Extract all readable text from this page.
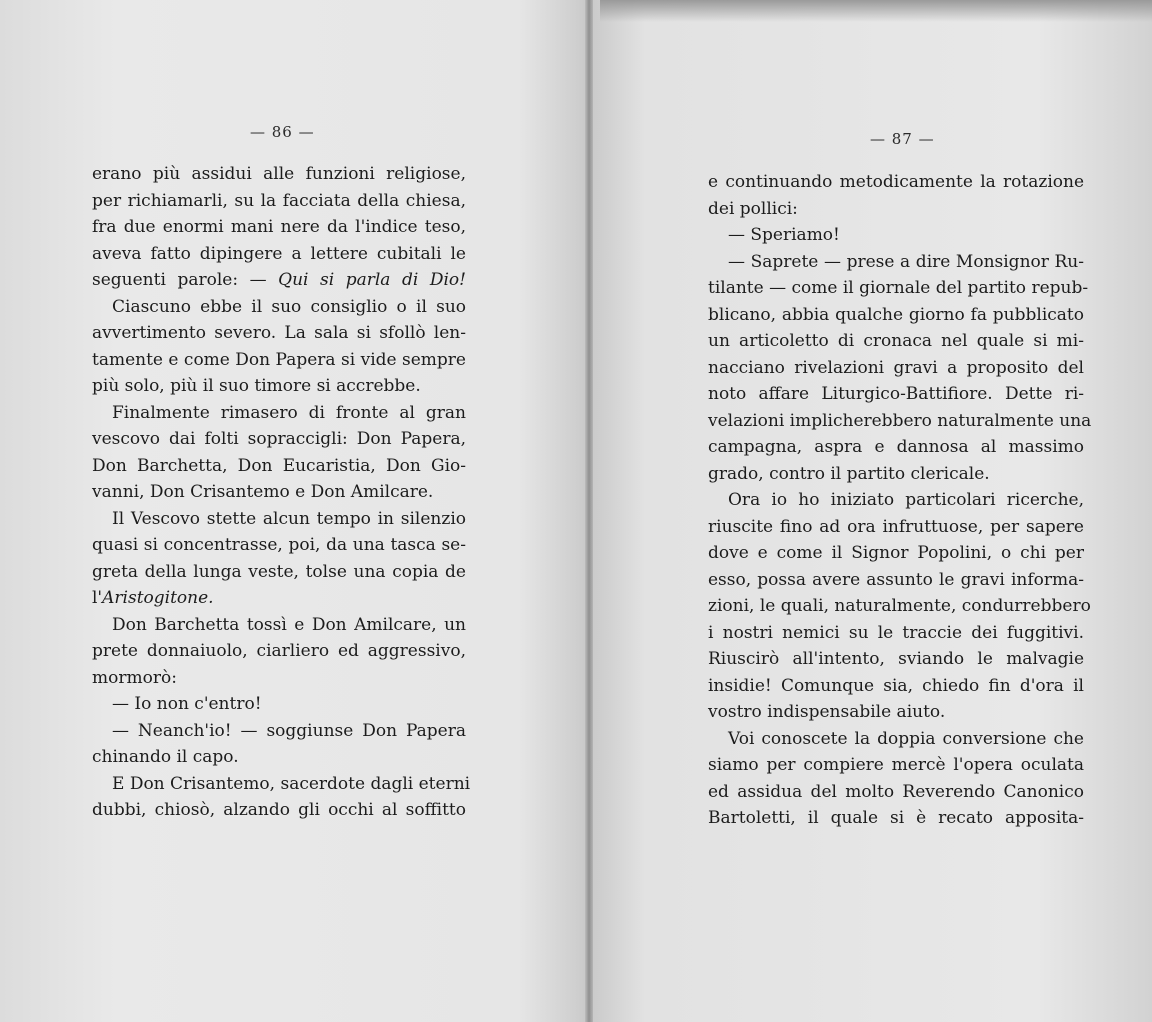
— 86 —
erano più assidui alle funzioni religiose,
per richiamarli, su la facciata della chiesa,
fra due enormi mani nere da l'indice teso,
aveva fatto dipingere a lettere cubitali le
seguenti parole: — Qui si parla di Dio!
Ciascuno ebbe il suo consiglio o il suo
avvertimento severo. La sala si sfollò len-
tamente e come Don Papera si vide sempre
più solo, più il suo timore si accrebbe.
Finalmente rimasero di fronte al gran
vescovo dai folti sopraccigli: Don Papera,
Don Barchetta, Don Eucaristia, Don Gio-
vanni, Don Crisantemo e Don Amilcare.
Il Vescovo stette alcun tempo in silenzio
quasi si concentrasse, poi, da una tasca se-
greta della lunga veste, tolse una copia de
l'Aristogitone.
Don Barchetta tossì e Don Amilcare, un
prete donnaiuolo, ciarliero ed aggressivo,
mormorò:
— Io non c'entro!
— Neanch'io! — soggiunse Don Papera
chinando il capo.
E Don Crisantemo, sacerdote dagli eterni
dubbi, chiosò, alzando gli occhi al soffitto
— 87 —
e continuando metodicamente la rotazione
dei pollici:
— Speriamo!
— Saprete — prese a dire Monsignor Ru-
tilante — come il giornale del partito repub-
blicano, abbia qualche giorno fa pubblicato
un articoletto di cronaca nel quale si mi-
nacciano rivelazioni gravi a proposito del
noto affare Liturgico-Battifiore. Dette ri-
velazioni implicherebbero naturalmente una
campagna, aspra e dannosa al massimo
grado, contro il partito clericale.
Ora io ho iniziato particolari ricerche,
riuscite fino ad ora infruttuose, per sapere
dove e come il Signor Popolini, o chi per
esso, possa avere assunto le gravi informa-
zioni, le quali, naturalmente, condurrebbero
i nostri nemici su le traccie dei fuggitivi.
Riuscirò all'intento, sviando le malvagie
insidie! Comunque sia, chiedo fin d'ora il
vostro indispensabile aiuto.
Voi conoscete la doppia conversione che
siamo per compiere mercè l'opera oculata
ed assidua del molto Reverendo Canonico
Bartoletti, il quale si è recato apposita-
